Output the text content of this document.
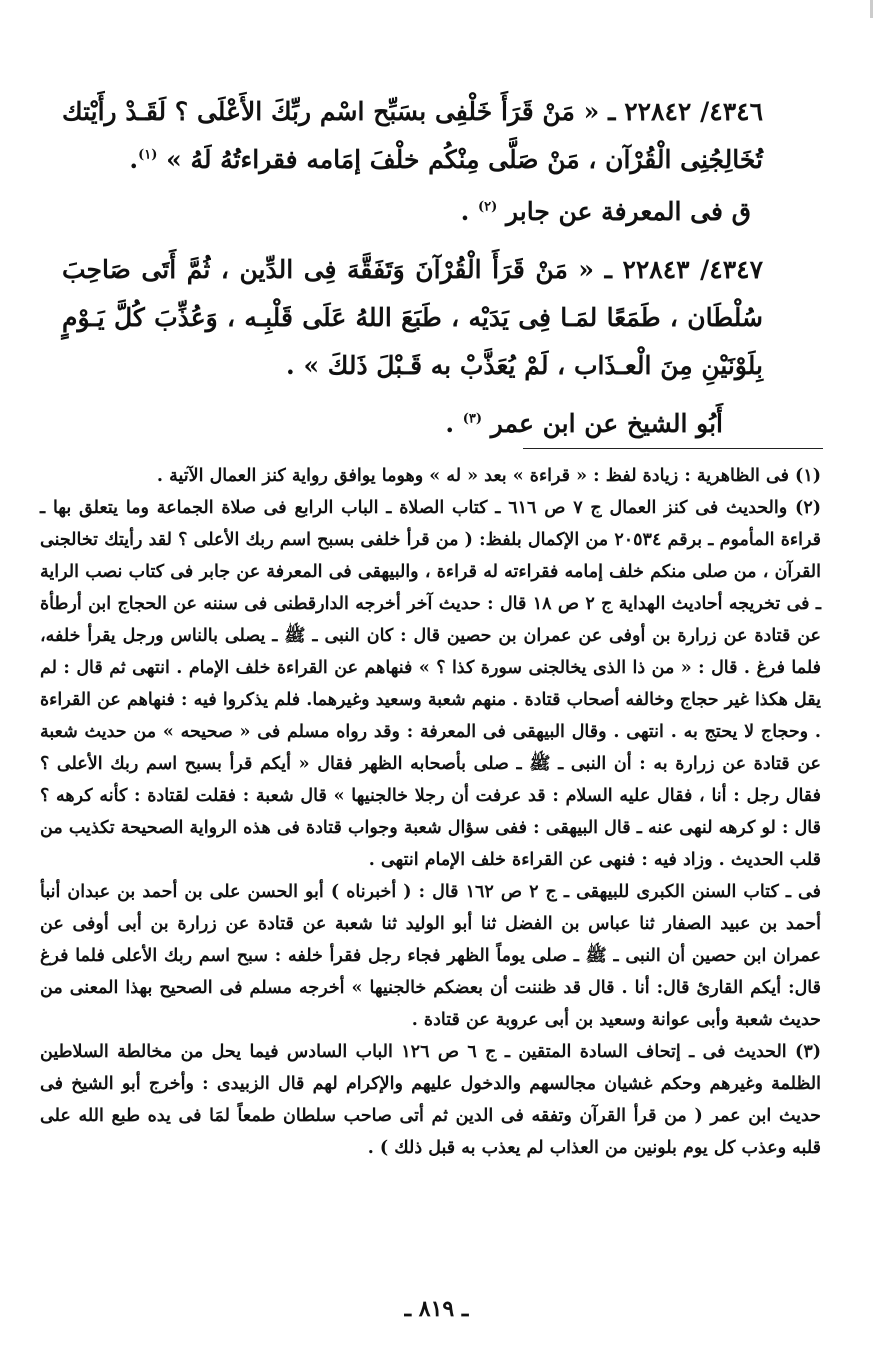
٤٣٤٦/ ٢٢٨٤٢ ـ « مَنْ قَرَأَ خَلْفِى بسَبِّح اسْم ربِّكَ الأَعْلَى ؟ لَقَـدْ رأَيْتك تُخَالِجُنِى الْقُرْآن ، مَنْ صَلَّى مِنْكُم خلْفَ إمَامه فقراءتُهُ لَهُ » $^{(١)}$.

ق فى المعرفة عن جابر $^{(٢)}$ .

٤٣٤٧/ ٢٢٨٤٣ ـ « مَنْ قَرَأَ الْقُرْآنَ وَتَفَقَّهَ فِى الدِّين ، ثُمَّ أَتَى صَاحِبَ سُلْطَان ، طَمَعًا لمَـا فِى يَدَيْه ، طَبَعَ اللهُ عَلَى قَلْبِـه ، وَعُذِّبَ كُلَّ يَـوْمٍ بِلَوْنَيْنِ مِنَ الْعـذَاب ، لَمْ يُعَذَّبْ به قَـبْلَ ذَلكَ » .

أَبُو الشيخ عن ابن عمر $^{(٣)}$ .

(١) فى الظاهرية : زيادة لفظ : « قراءة » بعد « له » وهوما يوافق رواية كنز العمال الآتية .

(٢) والحديث فى كنز العمال ج ٧ ص ٦١٦ ـ كتاب الصلاة ـ الباب الرابع فى صلاة الجماعة وما يتعلق بها ـ قراءة المأموم ـ برقم ٢٠٥٣٤ من الإكمال بلفظ: ( من قرأ خلفى بسبح اسم ربك الأعلى ؟ لقد رأيتك تخالجنى القرآن ، من صلى منكم خلف إمامه فقراءته له قراءة ، والبيهقى فى المعرفة عن جابر فى كتاب نصب الراية ـ فى تخريجه أحاديث الهداية ج ٢ ص ١٨ قال : حديث آخر أخرجه الدارقطنى فى سننه عن الحجاج ابن أرطأة عن قتادة عن زرارة بن أوفى عن عمران بن حصين قال : كان النبى ـ ﷺ ـ يصلى بالناس ورجل يقرأ خلفه، فلما فرغ . قال : « من ذا الذى يخالجنى سورة كذا ؟ » فنهاهم عن القراءة خلف الإمام . انتهى ثم قال : لم يقل هكذا غير حجاج وخالفه أصحاب قتادة . منهم شعبة وسعيد وغيرهما. فلم يذكروا فيه : فنهاهم عن القراءة . وحجاج لا يحتج به . انتهى . وقال البيهقى فى المعرفة : وقد رواه مسلم فى « صحيحه » من حديث شعبة عن قتادة عن زرارة به : أن النبى ـ ﷺ ـ صلى بأصحابه الظهر فقال « أيكم قرأ بسبح اسم ربك الأعلى ؟ فقال رجل : أنا ، فقال عليه السلام : قد عرفت أن رجلا خالجنيها » قال شعبة : فقلت لقتادة : كأنه كرهه ؟ قال : لو كرهه لنهى عنه ـ قال البيهقى : ففى سؤال شعبة وجواب قتادة فى هذه الرواية الصحيحة تكذيب من قلب الحديث . وزاد فيه : فنهى عن القراءة خلف الإمام انتهى .

فى ـ كتاب السنن الكبرى للبيهقى ـ ج ٢ ص ١٦٢ قال : ( أخبرناه ) أبو الحسن على بن أحمد بن عبدان أنبأ أحمد بن عبيد الصفار ثنا عباس بن الفضل ثنا أبو الوليد ثنا شعبة عن قتادة عن زرارة بن أبى أوفى عن عمران ابن حصين أن النبى ـ ﷺ ـ صلى يوماً الظهر فجاء رجل فقرأ خلفه : سبح اسم ربك الأعلى فلما فرغ قال: أيكم القارئ قال: أنا . قال قد ظننت أن بعضكم خالجنيها » أخرجه مسلم فى الصحيح بهذا المعنى من حديث شعبة وأبى عوانة وسعيد بن أبى عروبة عن قتادة .

(٣) الحديث فى ـ إتحاف السادة المتقين ـ ج ٦ ص ١٢٦ الباب السادس فيما يحل من مخالطة السلاطين الظلمة وغيرهم وحكم غشيان مجالسهم والدخول عليهم والإكرام لهم قال الزبيدى : وأخرج أبو الشيخ فى حديث ابن عمر ( من قرأ القرآن وتفقه فى الدين ثم أتى صاحب سلطان طمعاً لمَا فى يده طبع الله على قلبه وعذب كل يوم بلونين من العذاب لم يعذب به قبل ذلك ) .

ـ ٨١٩ ـ
